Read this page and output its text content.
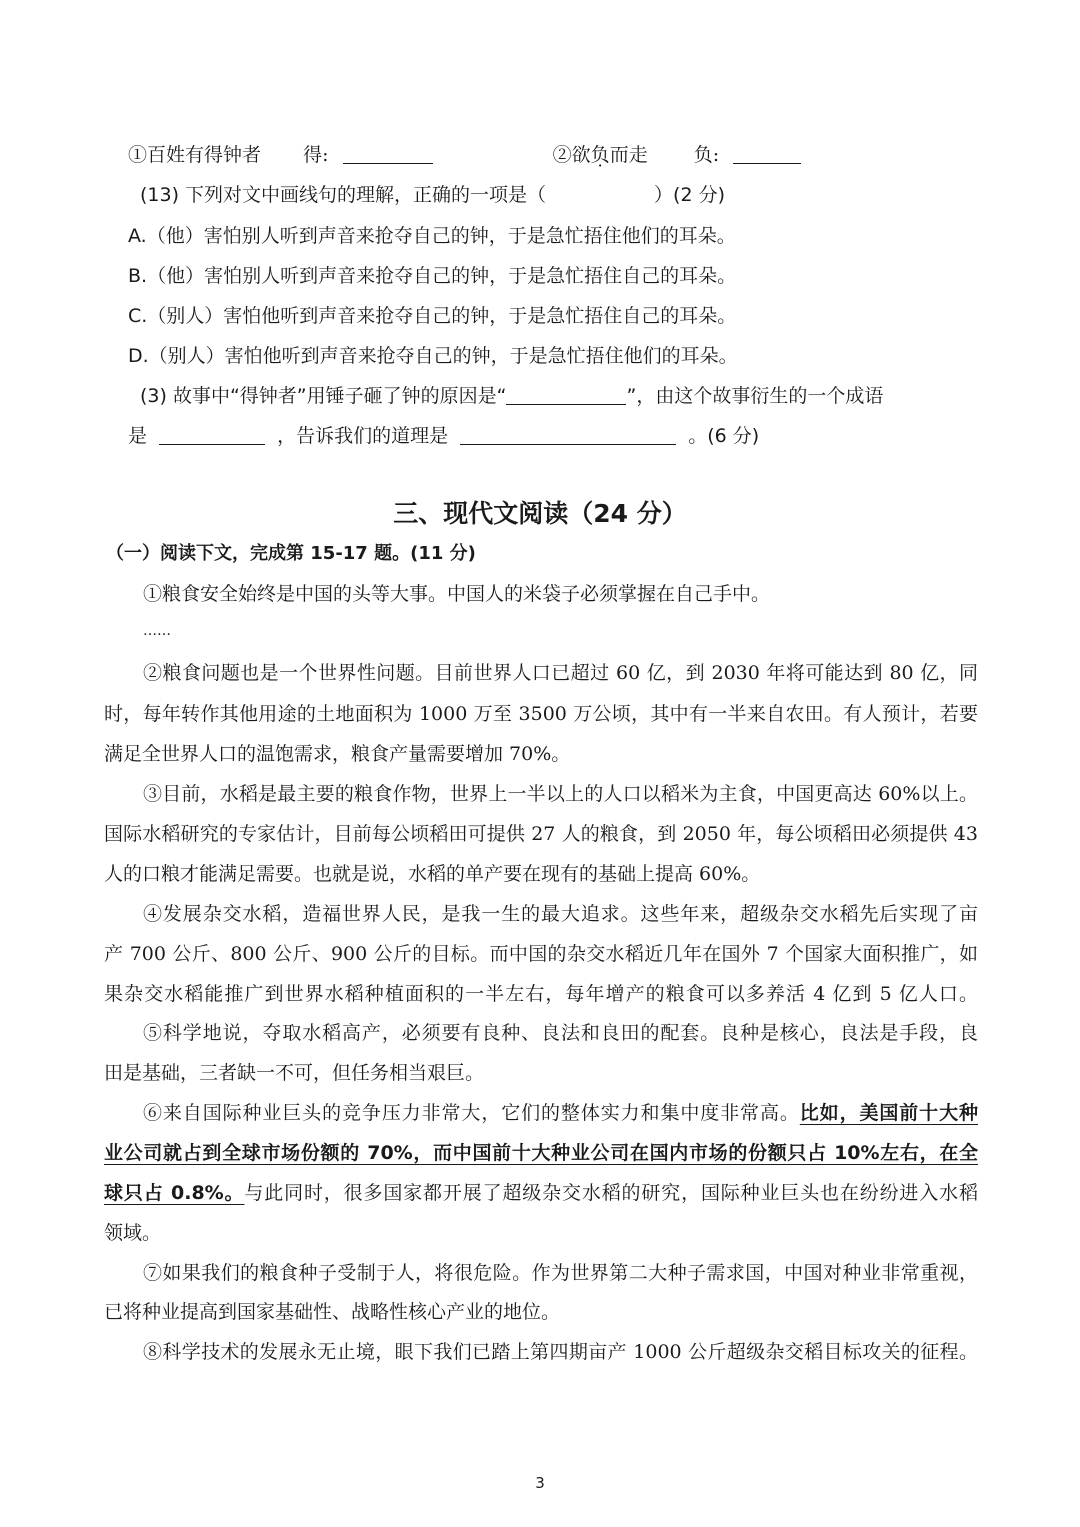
①百姓有得钟者 得:	②欲负而走 负:
(13) 下列对文中画线句的理解，正确的一项是（	）(2 分)
A.（他）害怕别人听到声音来抢夺自己的钟，于是急忙捂住他们的耳朵。
B.（他）害怕别人听到声音来抢夺自己的钟，于是急忙捂住自己的耳朵。
C.（别人）害怕他听到声音来抢夺自己的钟，于是急忙捂住自己的耳朵。
D.（别人）害怕他听到声音来抢夺自己的钟，于是急忙捂住他们的耳朵。
(3) 故事中“得钟者”用锤子砸了钟的原因是“	”，由这个故事衍生的一个成语
是	，告诉我们的道理是	。(6 分)
三、现代文阅读（24 分）
（一）阅读下文，完成第 15-17 题。(11 分)
①粮食安全始终是中国的头等大事。中国人的米袋子必须掌握在自己手中。
……
②粮食问题也是一个世界性问题。目前世界人口已超过 60 亿，到 2030 年将可能达到 80 亿，同
时，每年转作其他用途的土地面积为 1000 万至 3500 万公顷，其中有一半来自农田。有人预计，若要
满足全世界人口的温饱需求，粮食产量需要增加 70%。
③目前，水稻是最主要的粮食作物，世界上一半以上的人口以稻米为主食，中国更高达 60%以上。
国际水稻研究的专家估计，目前每公顷稻田可提供 27 人的粮食，到 2050 年，每公顷稻田必须提供 43
人的口粮才能满足需要。也就是说，水稻的单产要在现有的基础上提高 60%。
④发展杂交水稻，造福世界人民，是我一生的最大追求。这些年来，超级杂交水稻先后实现了亩
产 700 公斤、800 公斤、900 公斤的目标。而中国的杂交水稻近几年在国外 7 个国家大面积推广，如
果杂交水稻能推广到世界水稻种植面积的一半左右，每年增产的粮食可以多养活 4 亿到 5 亿人口。
⑤科学地说，夺取水稻高产，必须要有良种、良法和良田的配套。良种是核心，良法是手段，良
田是基础，三者缺一不可，但任务相当艰巨。
⑥来自国际种业巨头的竞争压力非常大，它们的整体实力和集中度非常高。比如，美国前十大种
业公司就占到全球市场份额的 70%，而中国前十大种业公司在国内市场的份额只占 10%左右，在全
球只占 0.8%。与此同时，很多国家都开展了超级杂交水稻的研究，国际种业巨头也在纷纷进入水稻
领域。
⑦如果我们的粮食种子受制于人，将很危险。作为世界第二大种子需求国，中国对种业非常重视，
已将种业提高到国家基础性、战略性核心产业的地位。
⑧科学技术的发展永无止境，眼下我们已踏上第四期亩产 1000 公斤超级杂交稻目标攻关的征程。
3
